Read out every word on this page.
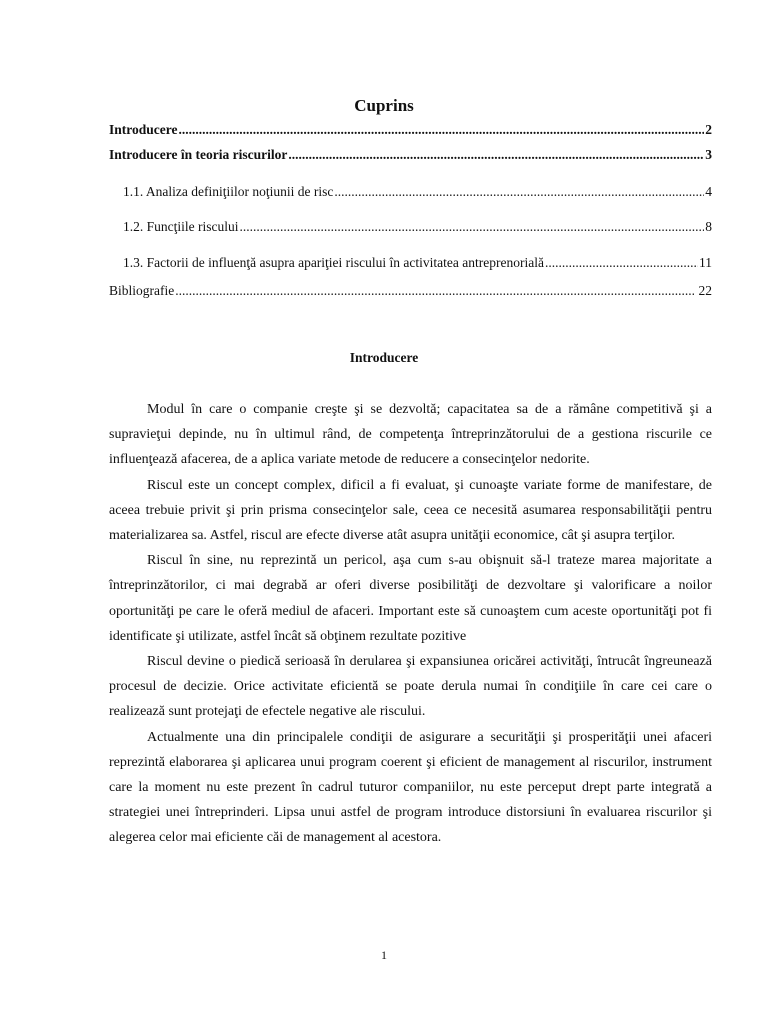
Cuprins
Introducere .....	2
Introducere în teoria riscurilor .....	3
1.1. Analiza definiţiilor noţiunii de risc .....	4
1.2. Funcţiile riscului .....	8
1.3. Factorii de influenţă asupra apariţiei riscului în activitatea antreprenorială .....	11
Bibliografie .....	22
Introducere

Modul în care o companie creşte şi se dezvoltă; capacitatea sa de a rămâne competitivă şi a supravieţui depinde, nu în ultimul rând, de competenţa întreprinzătorului de a gestiona riscurile ce influenţează afacerea, de a aplica variate metode de reducere a consecinţelor nedorite.

Riscul este un concept complex, dificil a fi evaluat, şi cunoaşte variate forme de manifestare, de aceea trebuie privit şi prin prisma consecinţelor sale, ceea ce necesită asumarea responsabilităţii pentru materializarea sa. Astfel, riscul are efecte diverse atât asupra unităţii economice, cât şi asupra terţilor.

Riscul în sine, nu reprezintă un pericol, aşa cum s-au obişnuit să-l trateze marea majoritate a întreprinzătorilor, ci mai degrabă ar oferi diverse posibilităţi de dezvoltare şi valorificare a noilor oportunităţi pe care le oferă mediul de afaceri. Important este să cunoaştem cum aceste oportunităţi pot fi identificate şi utilizate, astfel încât să obţinem rezultate pozitive

Riscul devine o piedică serioasă în derularea şi expansiunea oricărei activităţi, întrucât îngreunează procesul de decizie. Orice activitate eficientă se poate derula numai în condiţiile în care cei care o realizează sunt protejaţi de efectele negative ale riscului.

Actualmente una din principalele condiţii de asigurare a securităţii şi prosperităţii unei afaceri reprezintă elaborarea şi aplicarea unui program coerent şi eficient de management al riscurilor, instrument care la moment nu este prezent în cadrul tuturor companiilor, nu este perceput drept parte integrată a strategiei unei întreprinderi. Lipsa unui astfel de program introduce distorsiuni în evaluarea riscurilor şi alegerea celor mai eficiente căi de management al acestora.

1
